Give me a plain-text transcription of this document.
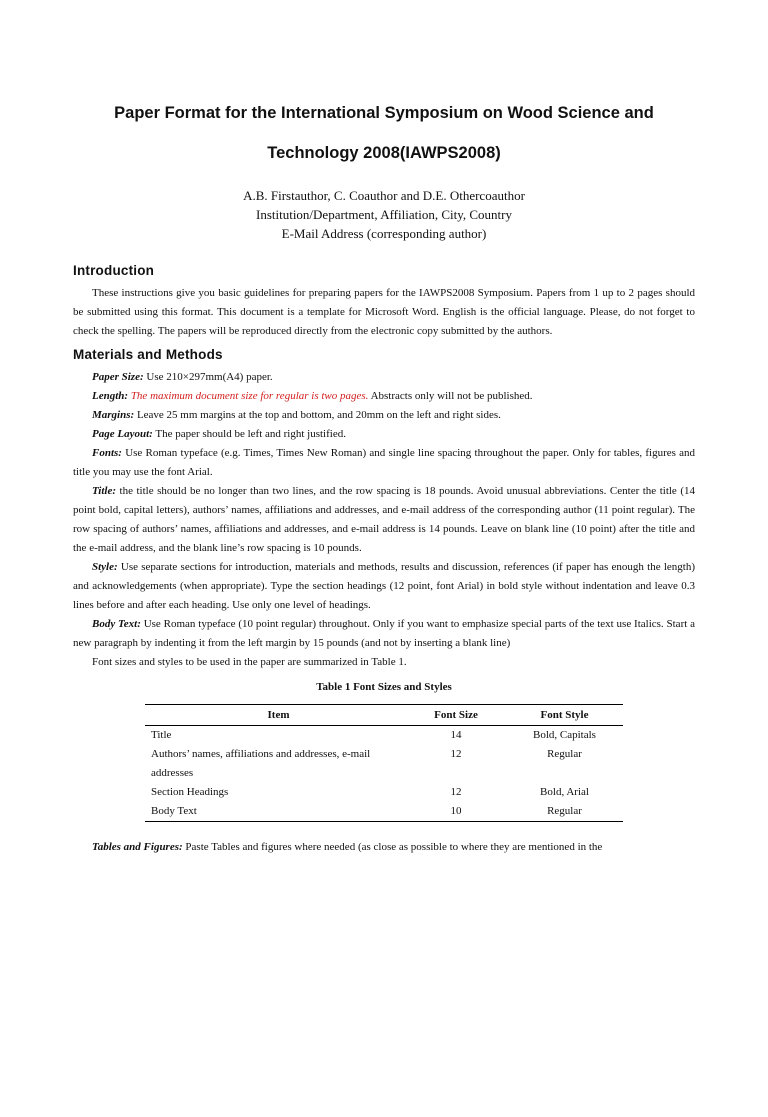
Paper Format for the International Symposium on Wood Science and
Technology 2008(IAWPS2008)
A.B. Firstauthor, C. Coauthor and D.E. Othercoauthor
Institution/Department, Affiliation, City, Country
E-Mail Address (corresponding author)
Introduction

These instructions give you basic guidelines for preparing papers for the IAWPS2008 Symposium. Papers from 1 up to 2 pages should be submitted using this format. This document is a template for Microsoft Word. English is the official language. Please, do not forget to check the spelling. The papers will be reproduced directly from the electronic copy submitted by the authors.

Materials and Methods

Paper Size: Use 210×297mm(A4) paper.

Length: The maximum document size for regular is two pages. Abstracts only will not be published.

Margins: Leave 25 mm margins at the top and bottom, and 20mm on the left and right sides.

Page Layout: The paper should be left and right justified.

Fonts: Use Roman typeface (e.g. Times, Times New Roman) and single line spacing throughout the paper. Only for tables, figures and title you may use the font Arial.

Title: the title should be no longer than two lines, and the row spacing is 18 pounds. Avoid unusual abbreviations. Center the title (14 point bold, capital letters), authors’ names, affiliations and addresses, and e-mail address of the corresponding author (11 point regular). The row spacing of authors’ names, affiliations and addresses, and e-mail address is 14 pounds. Leave on blank line (10 point) after the title and the e-mail address, and the blank line’s row spacing is 10 pounds.

Style: Use separate sections for introduction, materials and methods, results and discussion, references (if paper has enough the length) and acknowledgements (when appropriate). Type the section headings (12 point, font Arial) in bold style without indentation and leave 0.3 lines before and after each heading. Use only one level of headings.

Body Text: Use Roman typeface (10 point regular) throughout. Only if you want to emphasize special parts of the text use Italics. Start a new paragraph by indenting it from the left margin by 15 pounds (and not by inserting a blank line)

Font sizes and styles to be used in the paper are summarized in Table 1.

Table 1 Font Sizes and Styles
Item	Font Size	Font Style
Title	14	Bold, Capitals
Authors’ names, affiliations and addresses, e-mail addresses	12	Regular
Section Headings	12	Bold, Arial
Body Text	10	Regular

Tables and Figures: Paste Tables and figures where needed (as close as possible to where they are mentioned in the
